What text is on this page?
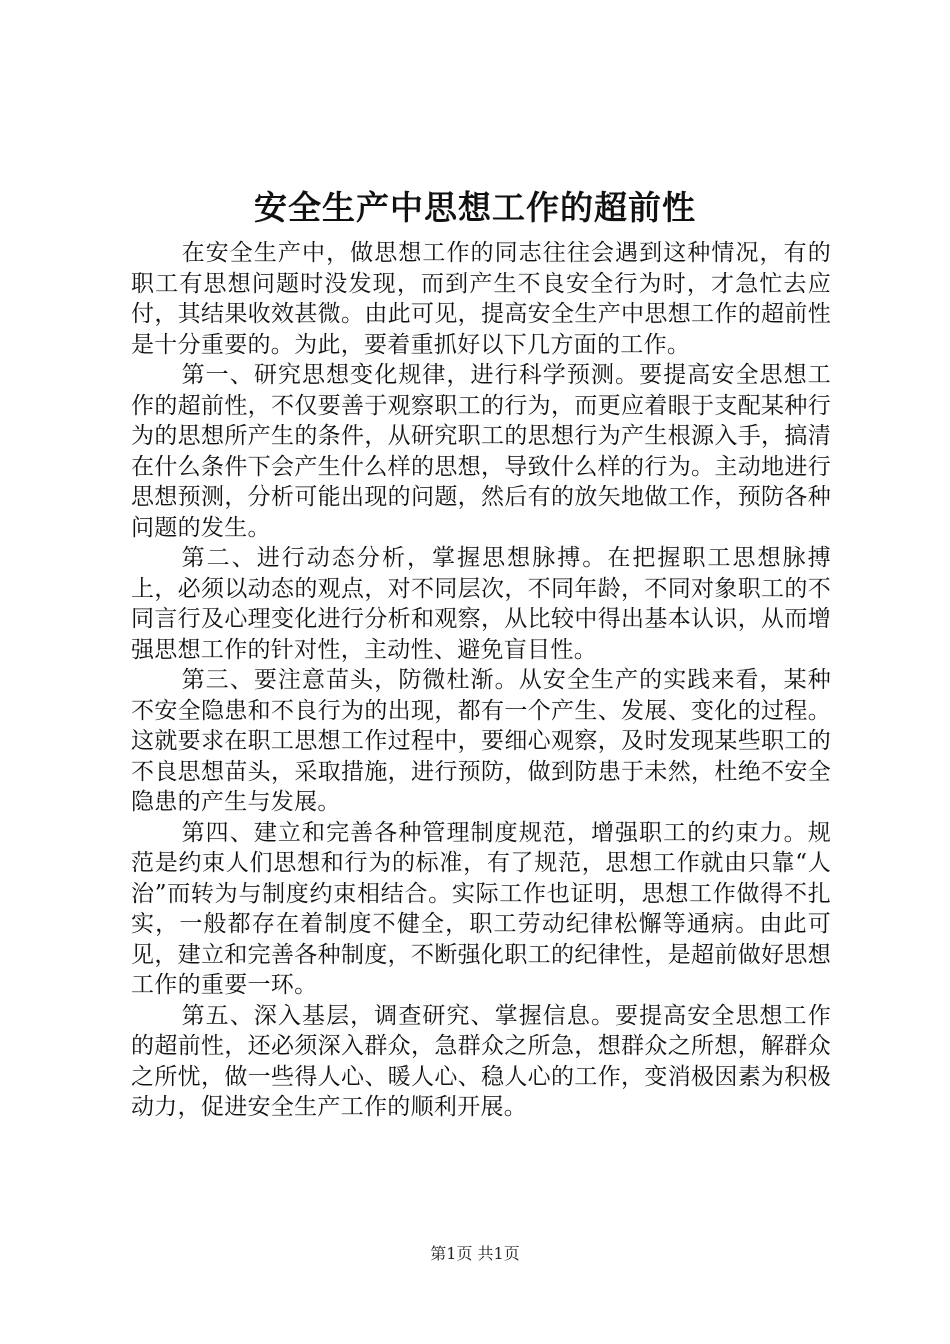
安全生产中思想工作的超前性

在安全生产中，做思想工作的同志往往会遇到这种情况，有的职工有思想问题时没发现，而到产生不良安全行为时，才急忙去应付，其结果收效甚微。由此可见，提高安全生产中思想工作的超前性是十分重要的。为此，要着重抓好以下几方面的工作。

第一、研究思想变化规律，进行科学预测。要提高安全思想工作的超前性，不仅要善于观察职工的行为，而更应着眼于支配某种行为的思想所产生的条件，从研究职工的思想行为产生根源入手，搞清在什么条件下会产生什么样的思想，导致什么样的行为。主动地进行思想预测，分析可能出现的问题，然后有的放矢地做工作，预防各种问题的发生。

第二、进行动态分析，掌握思想脉搏。在把握职工思想脉搏上，必须以动态的观点，对不同层次，不同年龄，不同对象职工的不同言行及心理变化进行分析和观察，从比较中得出基本认识，从而增强思想工作的针对性，主动性、避免盲目性。

第三、要注意苗头，防微杜渐。从安全生产的实践来看，某种不安全隐患和不良行为的出现，都有一个产生、发展、变化的过程。这就要求在职工思想工作过程中，要细心观察，及时发现某些职工的不良思想苗头，采取措施，进行预防，做到防患于未然，杜绝不安全隐患的产生与发展。

第四、建立和完善各种管理制度规范，增强职工的约束力。规范是约束人们思想和行为的标准，有了规范，思想工作就由只靠“人治”而转为与制度约束相结合。实际工作也证明，思想工作做得不扎实，一般都存在着制度不健全，职工劳动纪律松懈等通病。由此可见，建立和完善各种制度，不断强化职工的纪律性，是超前做好思想工作的重要一环。

第五、深入基层，调查研究、掌握信息。要提高安全思想工作的超前性，还必须深入群众，急群众之所急，想群众之所想，解群众之所忧，做一些得人心、暖人心、稳人心的工作，变消极因素为积极动力，促进安全生产工作的顺利开展。

第1页 共1页
